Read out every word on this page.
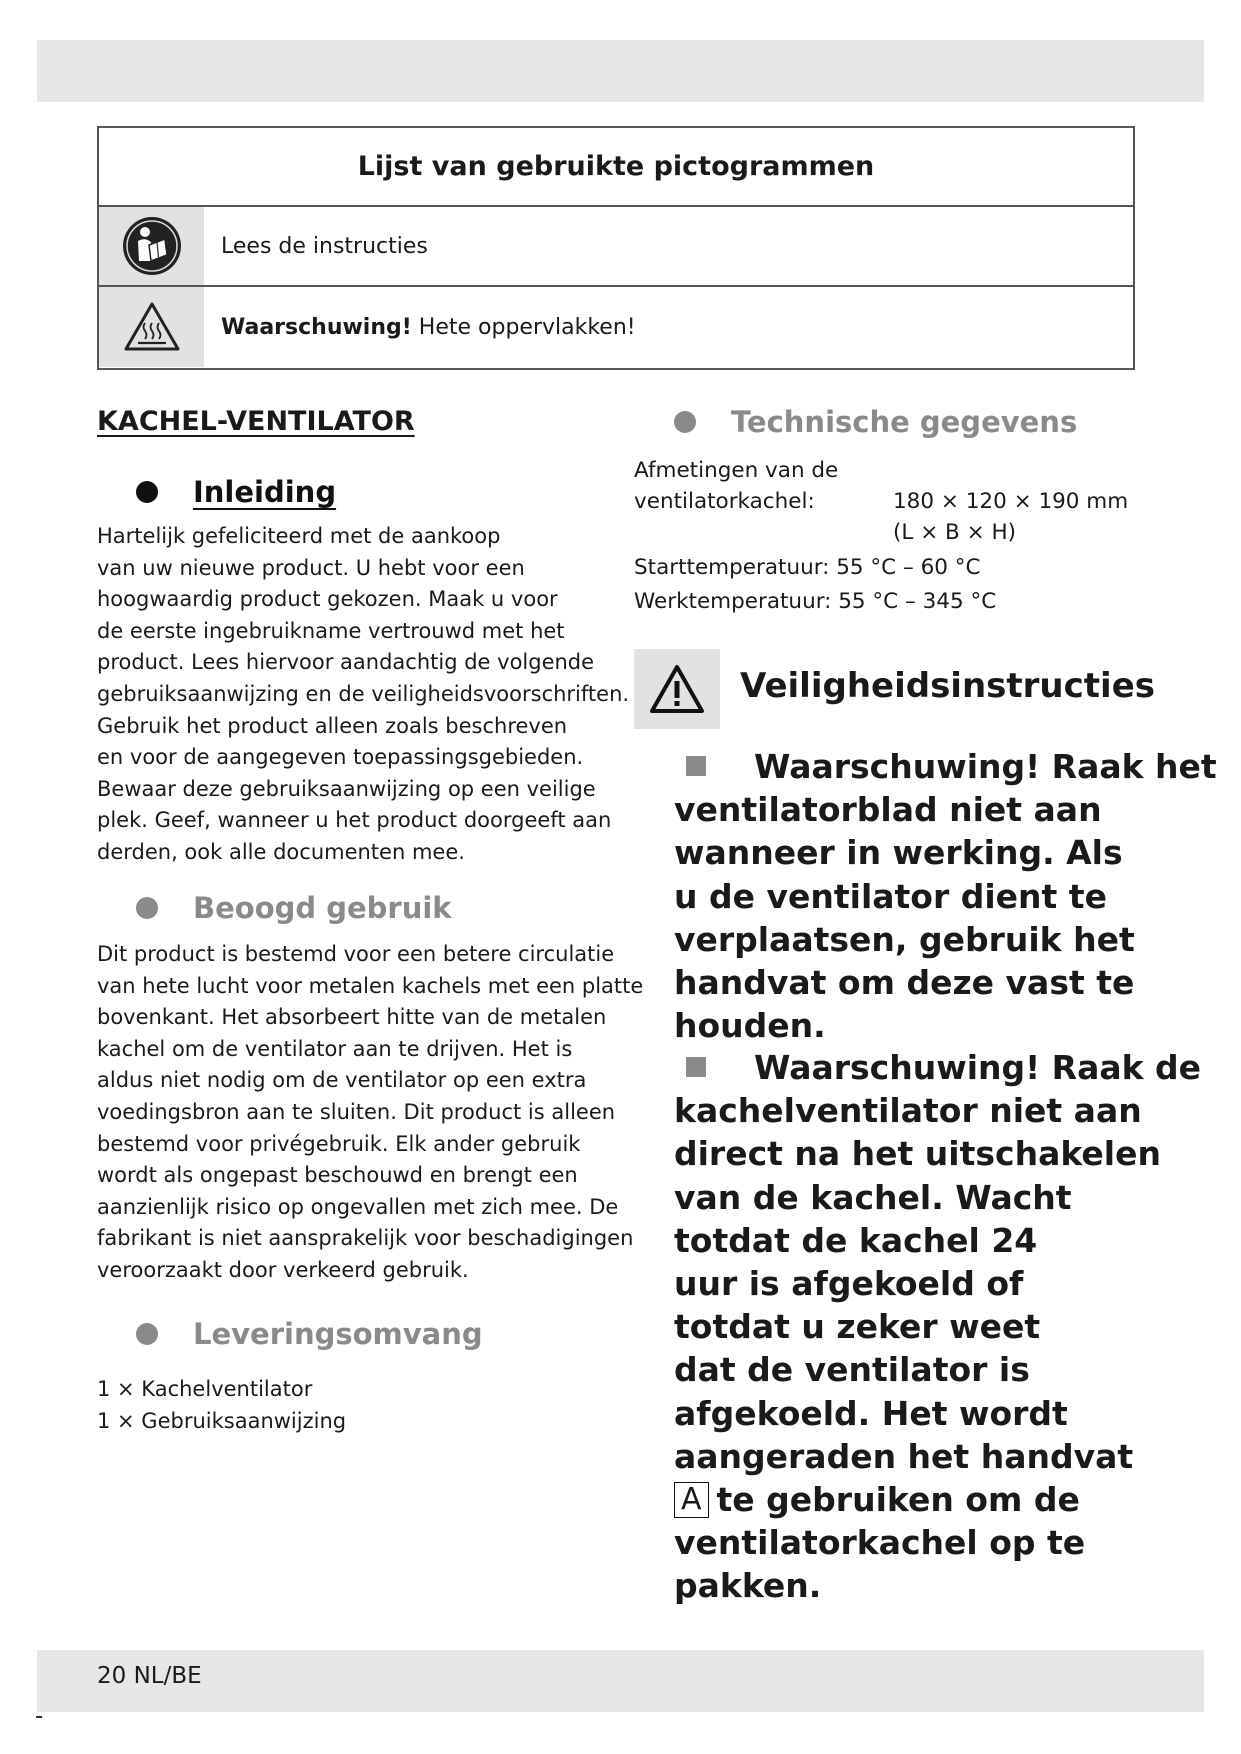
Lijst van gebruikte pictogrammen
Lees de instructies
Waarschuwing! Hete oppervlakken!
KACHEL-VENTILATOR
Inleiding
Hartelijk gefeliciteerd met de aankoop
van uw nieuwe product. U hebt voor een
hoogwaardig product gekozen. Maak u voor
de eerste ingebruikname vertrouwd met het
product. Lees hiervoor aandachtig de volgende
gebruiksaanwijzing en de veiligheidsvoorschriften.
Gebruik het product alleen zoals beschreven
en voor de aangegeven toepassingsgebieden.
Bewaar deze gebruiksaanwijzing op een veilige
plek. Geef, wanneer u het product doorgeeft aan
derden, ook alle documenten mee.
Beoogd gebruik
Dit product is bestemd voor een betere circulatie
van hete lucht voor metalen kachels met een platte
bovenkant. Het absorbeert hitte van de metalen
kachel om de ventilator aan te drijven. Het is
aldus niet nodig om de ventilator op een extra
voedingsbron aan te sluiten. Dit product is alleen
bestemd voor privégebruik. Elk ander gebruik
wordt als ongepast beschouwd en brengt een
aanzienlijk risico op ongevallen met zich mee. De
fabrikant is niet aansprakelijk voor beschadigingen
veroorzaakt door verkeerd gebruik.
Leveringsomvang
1 × Kachelventilator
1 × Gebruiksaanwijzing
Technische gegevens
Afmetingen van de
ventilatorkachel:	180 × 120 × 190 mm
(L × B × H)
Starttemperatuur: 55 °C – 60 °C
Werktemperatuur: 55 °C – 345 °C
Veiligheidsinstructies
Waarschuwing! Raak het
ventilatorblad niet aan
wanneer in werking. Als
u de ventilator dient te
verplaatsen, gebruik het
handvat om deze vast te
houden.
Waarschuwing! Raak de
kachelventilator niet aan
direct na het uitschakelen
van de kachel. Wacht
totdat de kachel 24
uur is afgekoeld of
totdat u zeker weet
dat de ventilator is
afgekoeld. Het wordt
aangeraden het handvat
A te gebruiken om de
ventilatorkachel op te
pakken.
20 NL/BE
